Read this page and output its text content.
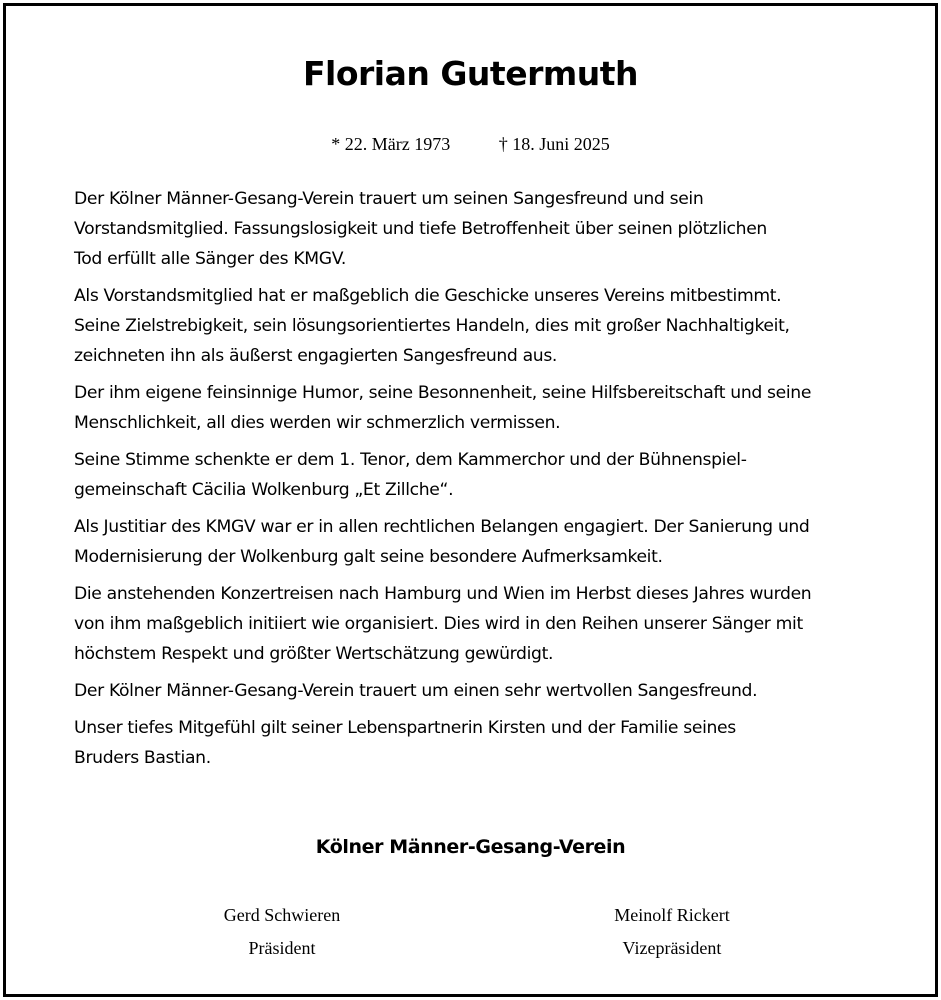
Florian Gutermuth
* 22. März 1973	† 18. Juni 2025

Der Kölner Männer-Gesang-Verein trauert um seinen Sangesfreund und sein
Vorstandsmitglied. Fassungslosigkeit und tiefe Betroffenheit über seinen plötzlichen
Tod erfüllt alle Sänger des KMGV.

Als Vorstandsmitglied hat er maßgeblich die Geschicke unseres Vereins mitbestimmt.
Seine Zielstrebigkeit, sein lösungsorientiertes Handeln, dies mit großer Nachhaltigkeit,
zeichneten ihn als äußerst engagierten Sangesfreund aus.

Der ihm eigene feinsinnige Humor, seine Besonnenheit, seine Hilfsbereitschaft und seine
Menschlichkeit, all dies werden wir schmerzlich vermissen.

Seine Stimme schenkte er dem 1. Tenor, dem Kammerchor und der Bühnenspiel-
gemeinschaft Cäcilia Wolkenburg „Et Zillche“.

Als Justitiar des KMGV war er in allen rechtlichen Belangen engagiert. Der Sanierung und
Modernisierung der Wolkenburg galt seine besondere Aufmerksamkeit.

Die anstehenden Konzertreisen nach Hamburg und Wien im Herbst dieses Jahres wurden
von ihm maßgeblich initiiert wie organisiert. Dies wird in den Reihen unserer Sänger mit
höchstem Respekt und größter Wertschätzung gewürdigt.

Der Kölner Männer-Gesang-Verein trauert um einen sehr wertvollen Sangesfreund.

Unser tiefes Mitgefühl gilt seiner Lebenspartnerin Kirsten und der Familie seines
Bruders Bastian.

Kölner Männer-Gesang-Verein
Gerd Schwieren
Präsident
Meinolf Rickert
Vizepräsident
